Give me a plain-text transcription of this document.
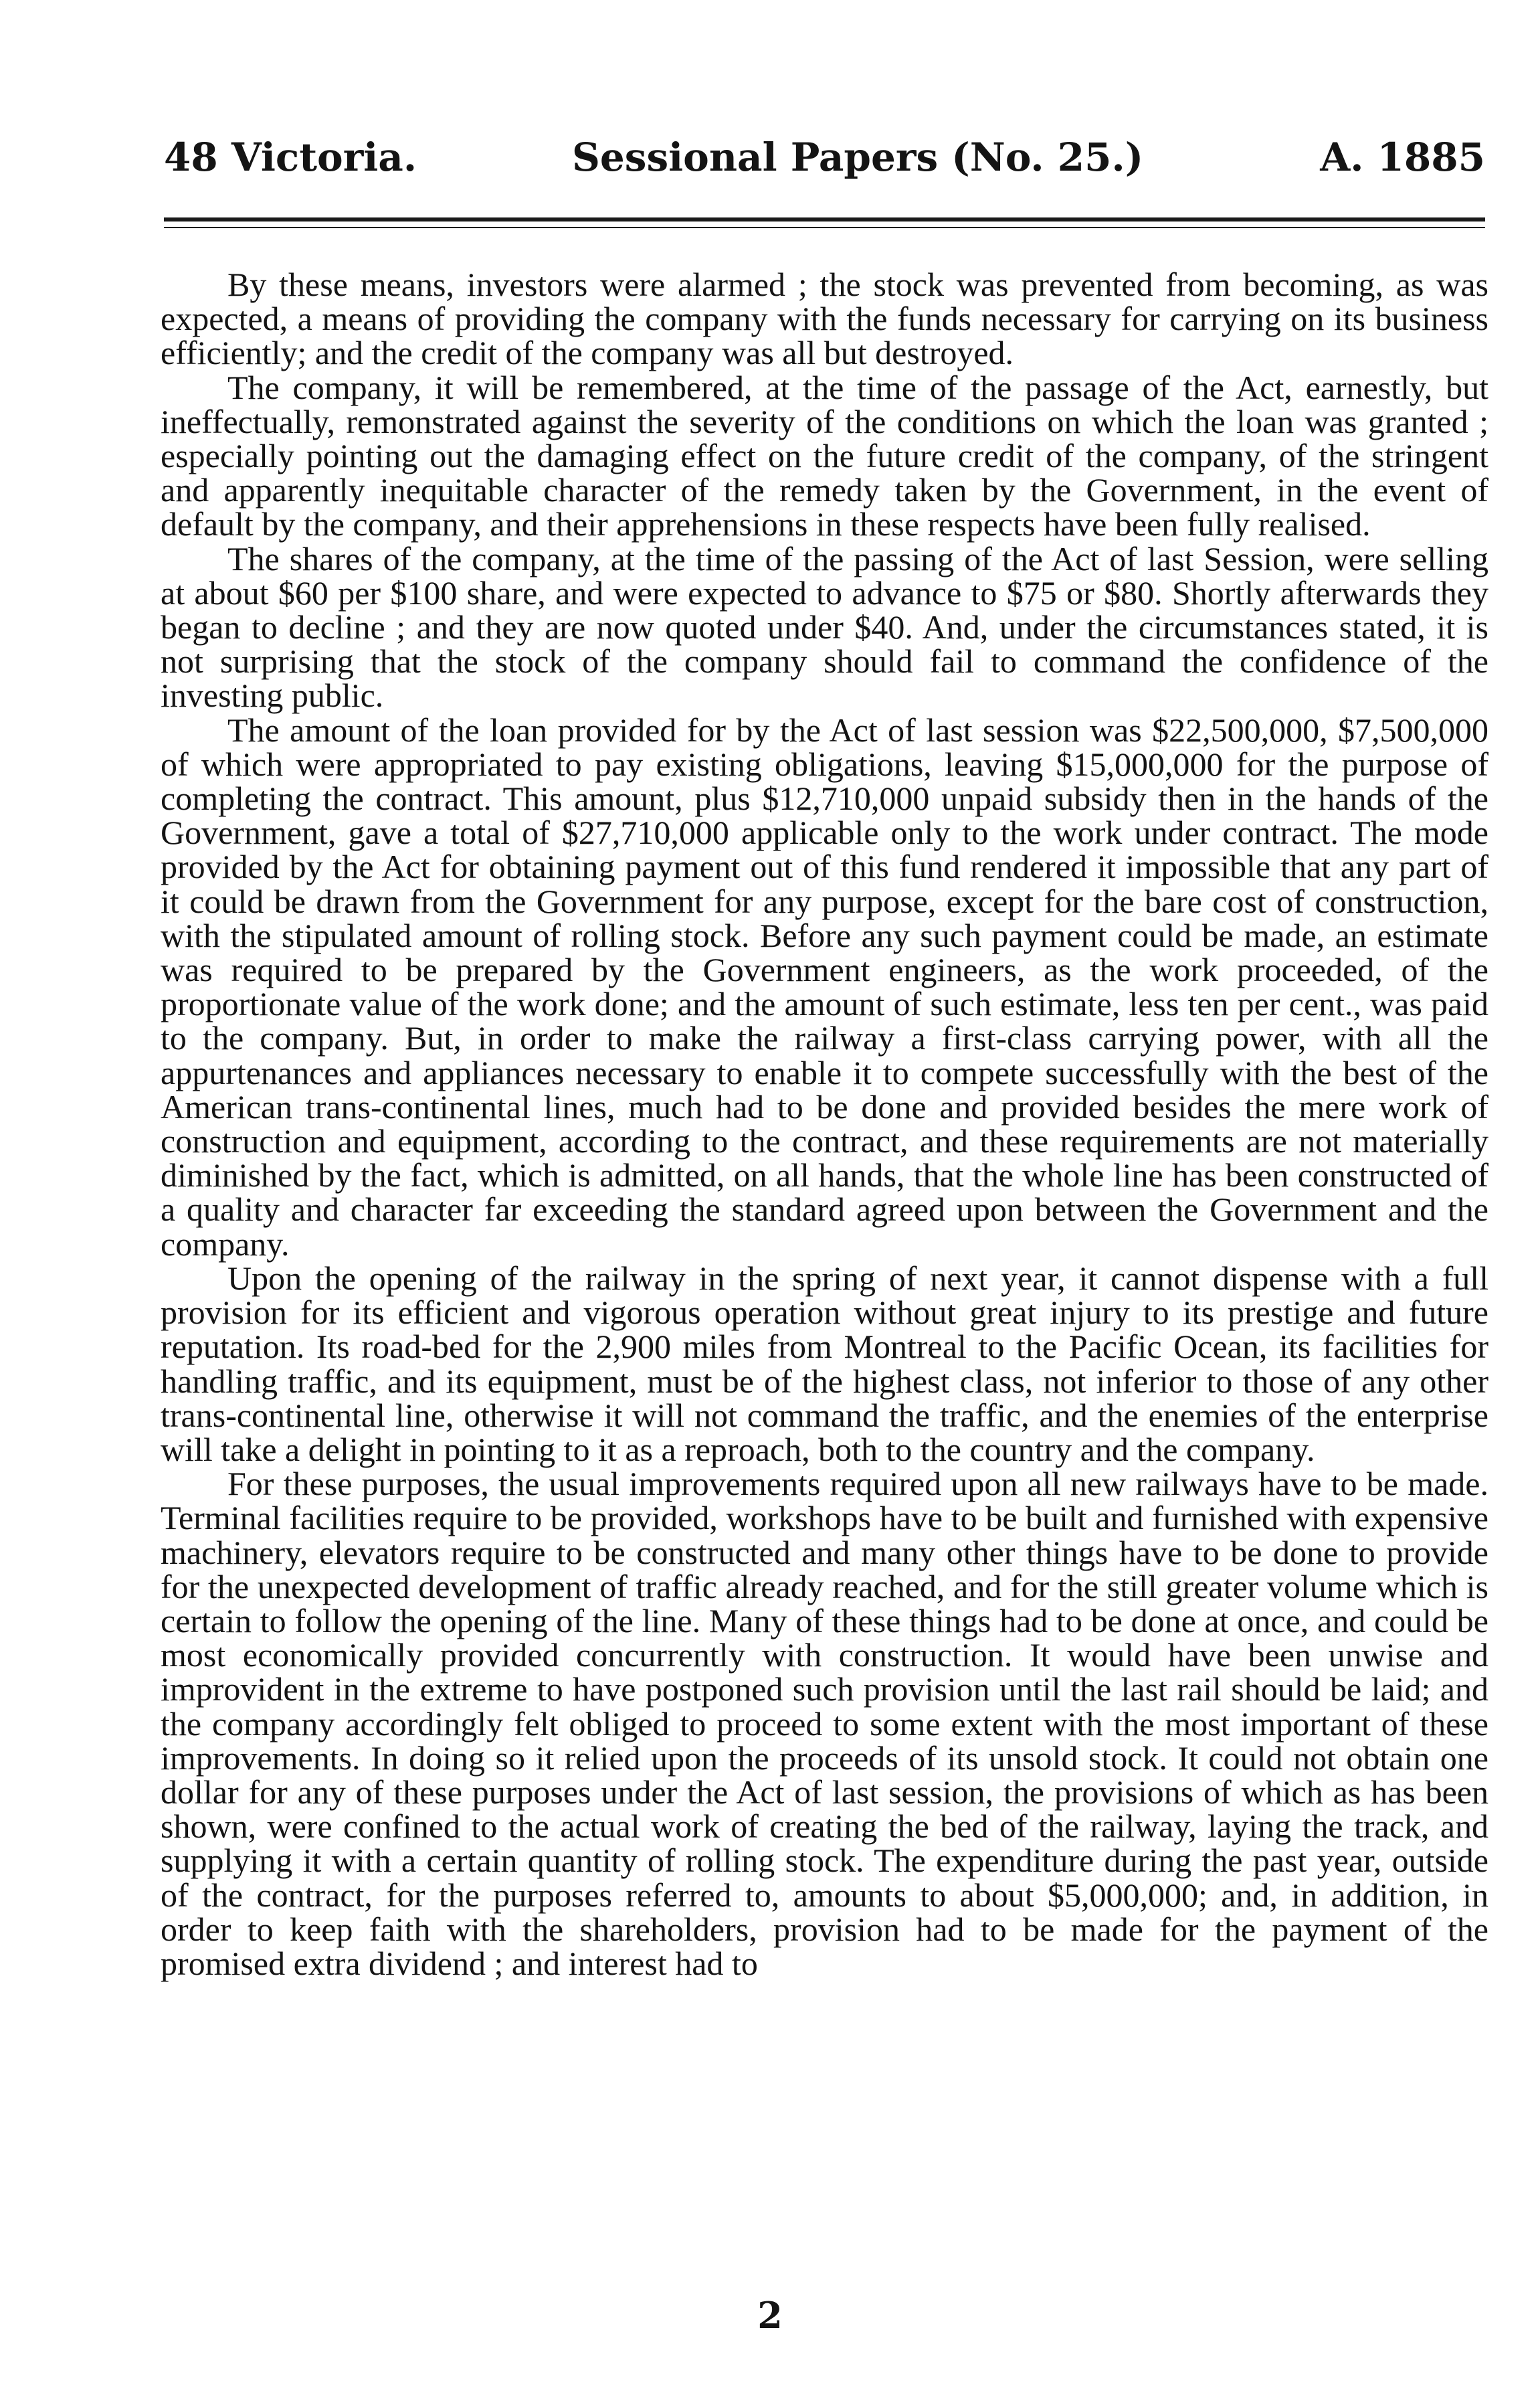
48 Victoria.	Sessional Papers (No. 25.)	A. 1885

By these means, investors were alarmed ; the stock was prevented from becoming, as was expected, a means of providing the company with the funds necessary for carrying on its business efficiently; and the credit of the company was all but destroyed.

The company, it will be remembered, at the time of the passage of the Act, earnestly, but ineffectually, remonstrated against the severity of the conditions on which the loan was granted ; especially pointing out the damaging effect on the future credit of the company, of the stringent and apparently inequitable character of the remedy taken by the Government, in the event of default by the company, and their apprehensions in these respects have been fully realised.

The shares of the company, at the time of the passing of the Act of last Session, were selling at about $60 per $100 share, and were expected to advance to $75 or $80. Shortly afterwards they began to decline ; and they are now quoted under $40. And, under the circumstances stated, it is not surprising that the stock of the company should fail to command the confidence of the investing public.

The amount of the loan provided for by the Act of last session was $22,500,000, $7,500,000 of which were appropriated to pay existing obligations, leaving $15,000,000 for the purpose of completing the contract. This amount, plus $12,710,000 unpaid subsidy then in the hands of the Government, gave a total of $27,710,000 applicable only to the work under contract. The mode provided by the Act for obtaining payment out of this fund rendered it impossible that any part of it could be drawn from the Government for any purpose, except for the bare cost of construction, with the stipulated amount of rolling stock. Before any such payment could be made, an estimate was required to be prepared by the Government engineers, as the work proceeded, of the proportionate value of the work done; and the amount of such estimate, less ten per cent., was paid to the company. But, in order to make the railway a first-class carrying power, with all the appurtenances and appliances necessary to enable it to compete successfully with the best of the American trans-continental lines, much had to be done and provided besides the mere work of construction and equipment, according to the contract, and these requirements are not materially diminished by the fact, which is admitted, on all hands, that the whole line has been constructed of a quality and character far exceeding the standard agreed upon between the Government and the company.

Upon the opening of the railway in the spring of next year, it cannot dispense with a full provision for its efficient and vigorous operation without great injury to its prestige and future reputation. Its road-bed for the 2,900 miles from Montreal to the Pacific Ocean, its facilities for handling traffic, and its equipment, must be of the highest class, not inferior to those of any other trans-continental line, otherwise it will not command the traffic, and the enemies of the enterprise will take a delight in pointing to it as a reproach, both to the country and the company.

For these purposes, the usual improvements required upon all new railways have to be made. Terminal facilities require to be provided, workshops have to be built and furnished with expensive machinery, elevators require to be constructed and many other things have to be done to provide for the unexpected development of traffic already reached, and for the still greater volume which is certain to follow the opening of the line. Many of these things had to be done at once, and could be most economically provided concurrently with construction. It would have been unwise and improvident in the extreme to have postponed such provision until the last rail should be laid; and the company accordingly felt obliged to proceed to some extent with the most important of these improvements. In doing so it relied upon the proceeds of its unsold stock. It could not obtain one dollar for any of these purposes under the Act of last session, the provisions of which as has been shown, were confined to the actual work of creating the bed of the railway, laying the track, and supplying it with a certain quantity of rolling stock. The expenditure during the past year, outside of the contract, for the purposes referred to, amounts to about $5,000,000; and, in addition, in order to keep faith with the shareholders, provision had to be made for the payment of the promised extra dividend ; and interest had to

2
